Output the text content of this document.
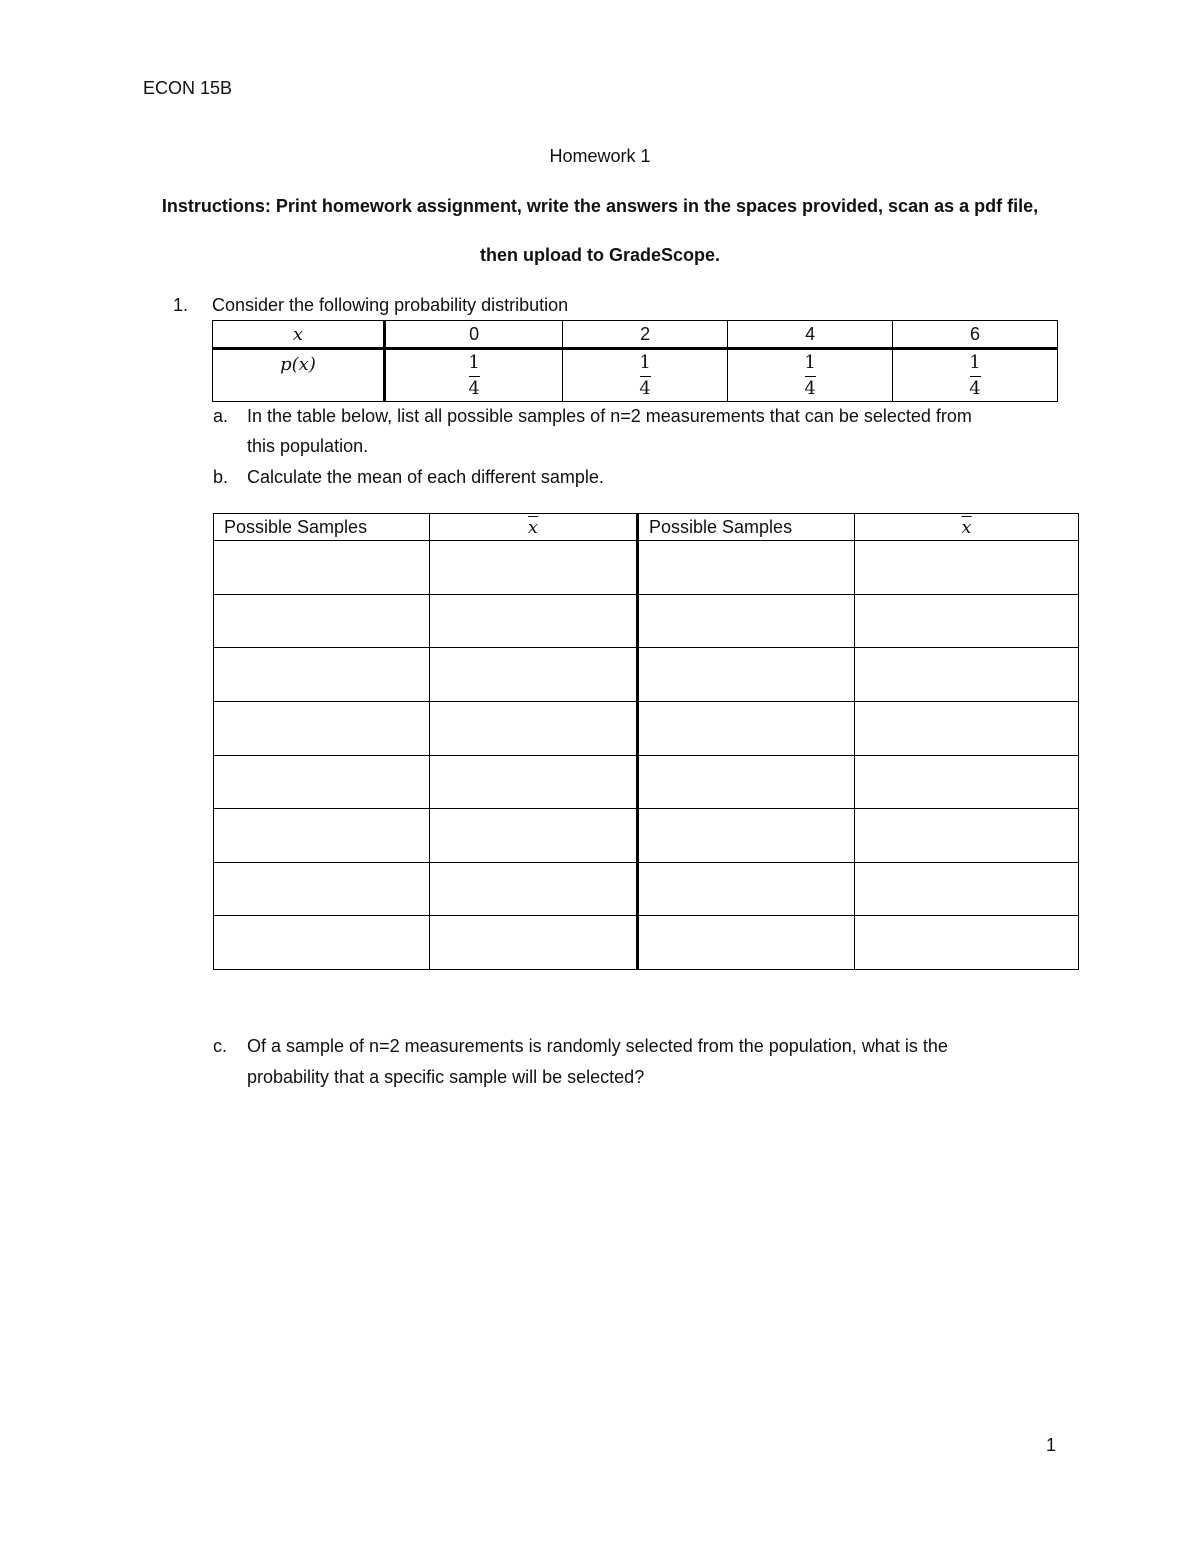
ECON 15B
Homework 1
Instructions: Print homework assignment, write the answers in the spaces provided, scan as a pdf file,
then upload to GradeScope.
1. Consider the following probability distribution
x	0	2	4	6
p(x)	$\frac{1}{4}$	$\frac{1}{4}$	$\frac{1}{4}$	$\frac{1}{4}$
a. In the table below, list all possible samples of n=2 measurements that can be selected from
this population.
b. Calculate the mean of each different sample.
Possible Samples	$\overline{x}$	Possible Samples	$\overline{x}$

c. Of a sample of n=2 measurements is randomly selected from the population, what is the
probability that a specific sample will be selected?
1
